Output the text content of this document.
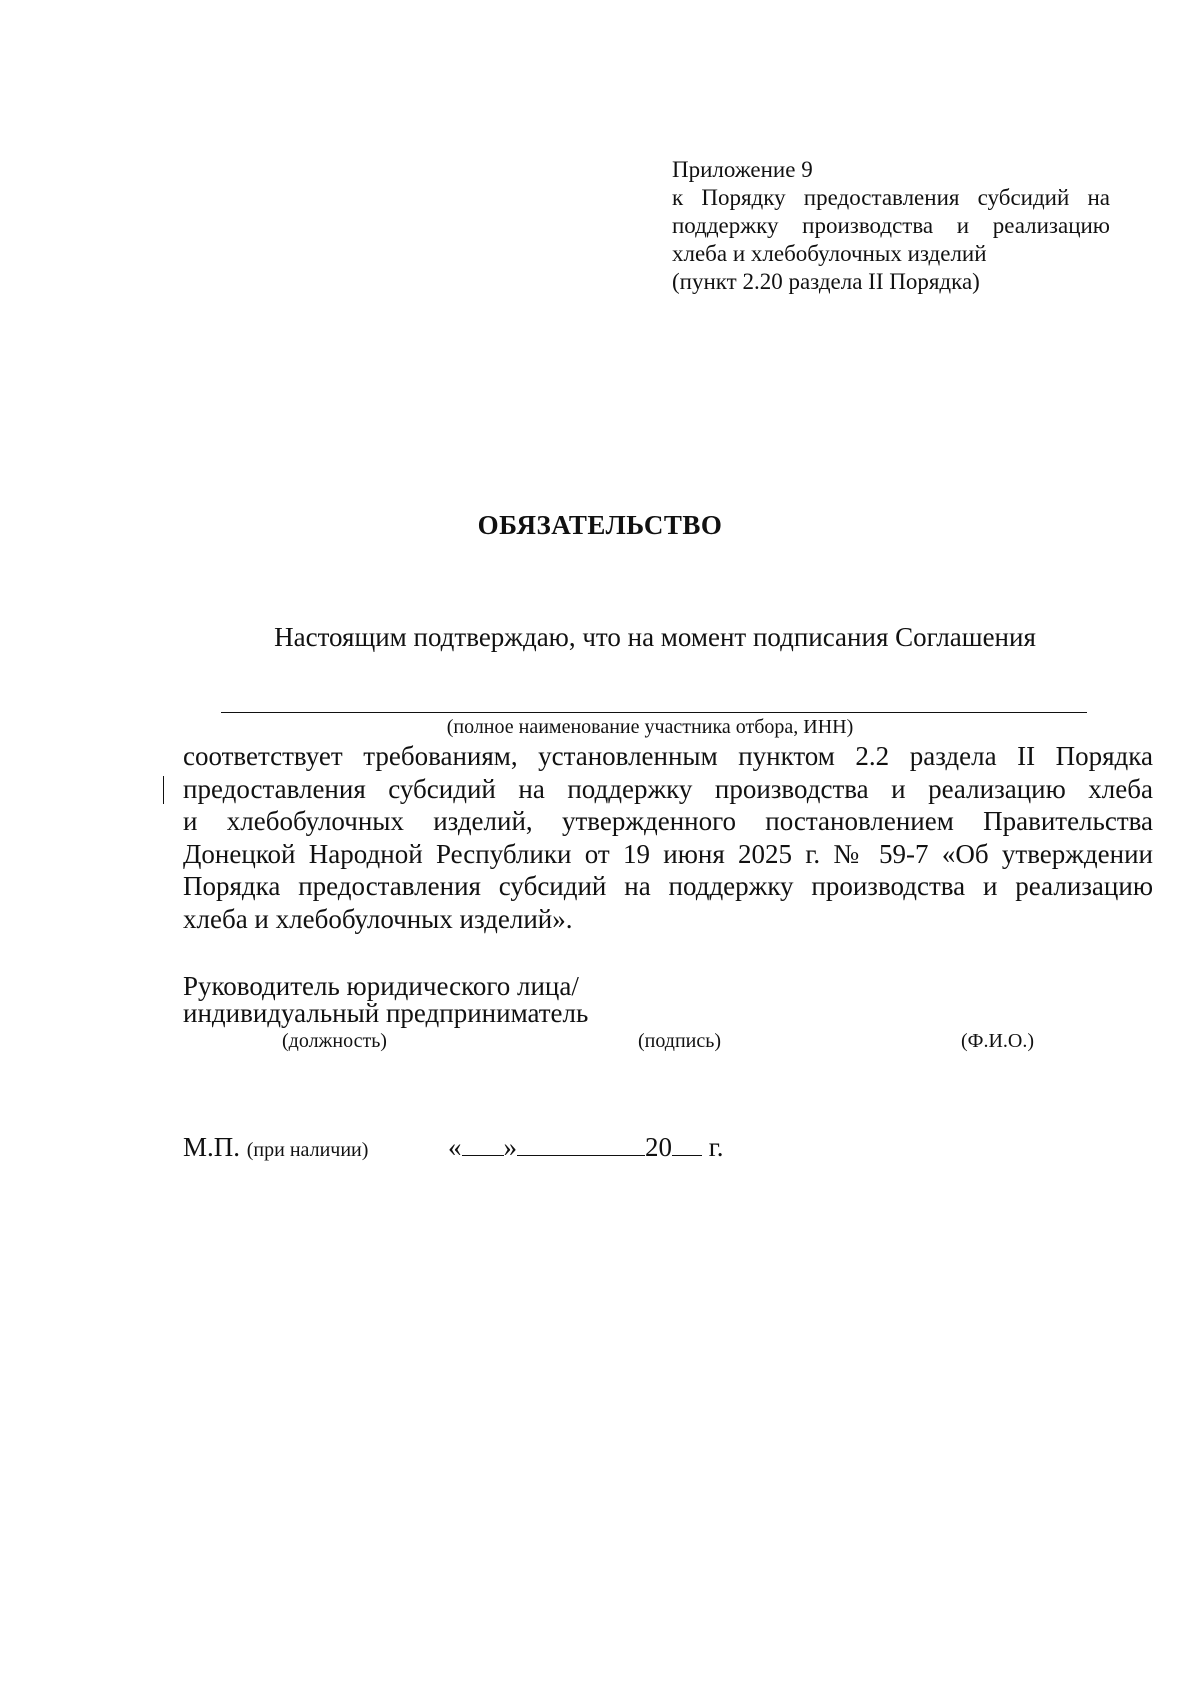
Приложение 9
к Порядку предоставления субсидий на
поддержку производства и реализацию
хлеба и хлебобулочных изделий
(пункт 2.20 раздела II Порядка)
ОБЯЗАТЕЛЬСТВО
Настоящим подтверждаю, что на момент подписания Соглашения
(полное наименование участника отбора, ИНН)
соответствует требованиям, установленным пунктом 2.2 раздела II Порядка
предоставления субсидий на поддержку производства и реализацию хлеба
и хлебобулочных изделий, утвержденного постановлением Правительства
Донецкой Народной Республики от 19 июня 2025 г. № 59-7 «Об утверждении
Порядка предоставления субсидий на поддержку производства и реализацию
хлеба и хлебобулочных изделий».
Руководитель юридического лица/
индивидуальный предприниматель
(должность)	(подпись)	(Ф.И.О.)
М.П. (при наличии)	« »	20 г.
